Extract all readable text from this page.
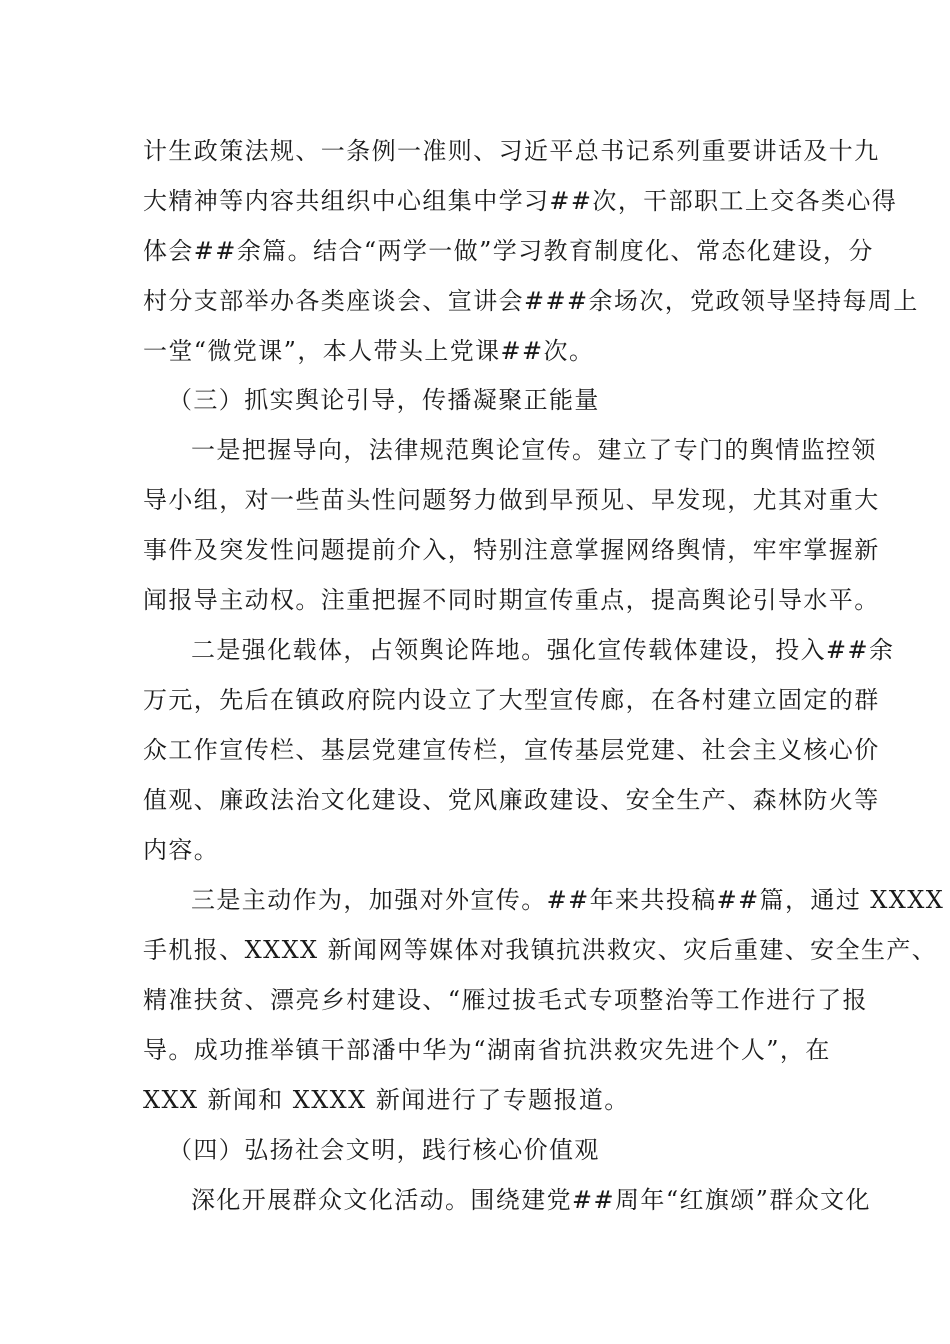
计生政策法规、一条例一准则、习近平总书记系列重要讲话及十九
大精神等内容共组织中心组集中学习##次，干部职工上交各类心得
体会##余篇。结合“两学一做”学习教育制度化、常态化建设，分
村分支部举办各类座谈会、宣讲会###余场次，党政领导坚持每周上
一堂“微党课”，本人带头上党课##次。
（三）抓实舆论引导，传播凝聚正能量
一是把握导向，法律规范舆论宣传。建立了专门的舆情监控领
导小组，对一些苗头性问题努力做到早预见、早发现，尤其对重大
事件及突发性问题提前介入，特别注意掌握网络舆情，牢牢掌握新
闻报导主动权。注重把握不同时期宣传重点，提高舆论引导水平。
二是强化载体，占领舆论阵地。强化宣传载体建设，投入##余
万元，先后在镇政府院内设立了大型宣传廊，在各村建立固定的群
众工作宣传栏、基层党建宣传栏，宣传基层党建、社会主义核心价
值观、廉政法治文化建设、党风廉政建设、安全生产、森林防火等
内容。
三是主动作为，加强对外宣传。##年来共投稿##篇，通过 XXXX
手机报、XXXX 新闻网等媒体对我镇抗洪救灾、灾后重建、安全生产、
精准扶贫、漂亮乡村建设、“雁过拔毛式专项整治等工作进行了报
导。成功推举镇干部潘中华为“湖南省抗洪救灾先进个人”，在
XXX 新闻和 XXXX 新闻进行了专题报道。
（四）弘扬社会文明，践行核心价值观
深化开展群众文化活动。围绕建党##周年“红旗颂”群众文化
